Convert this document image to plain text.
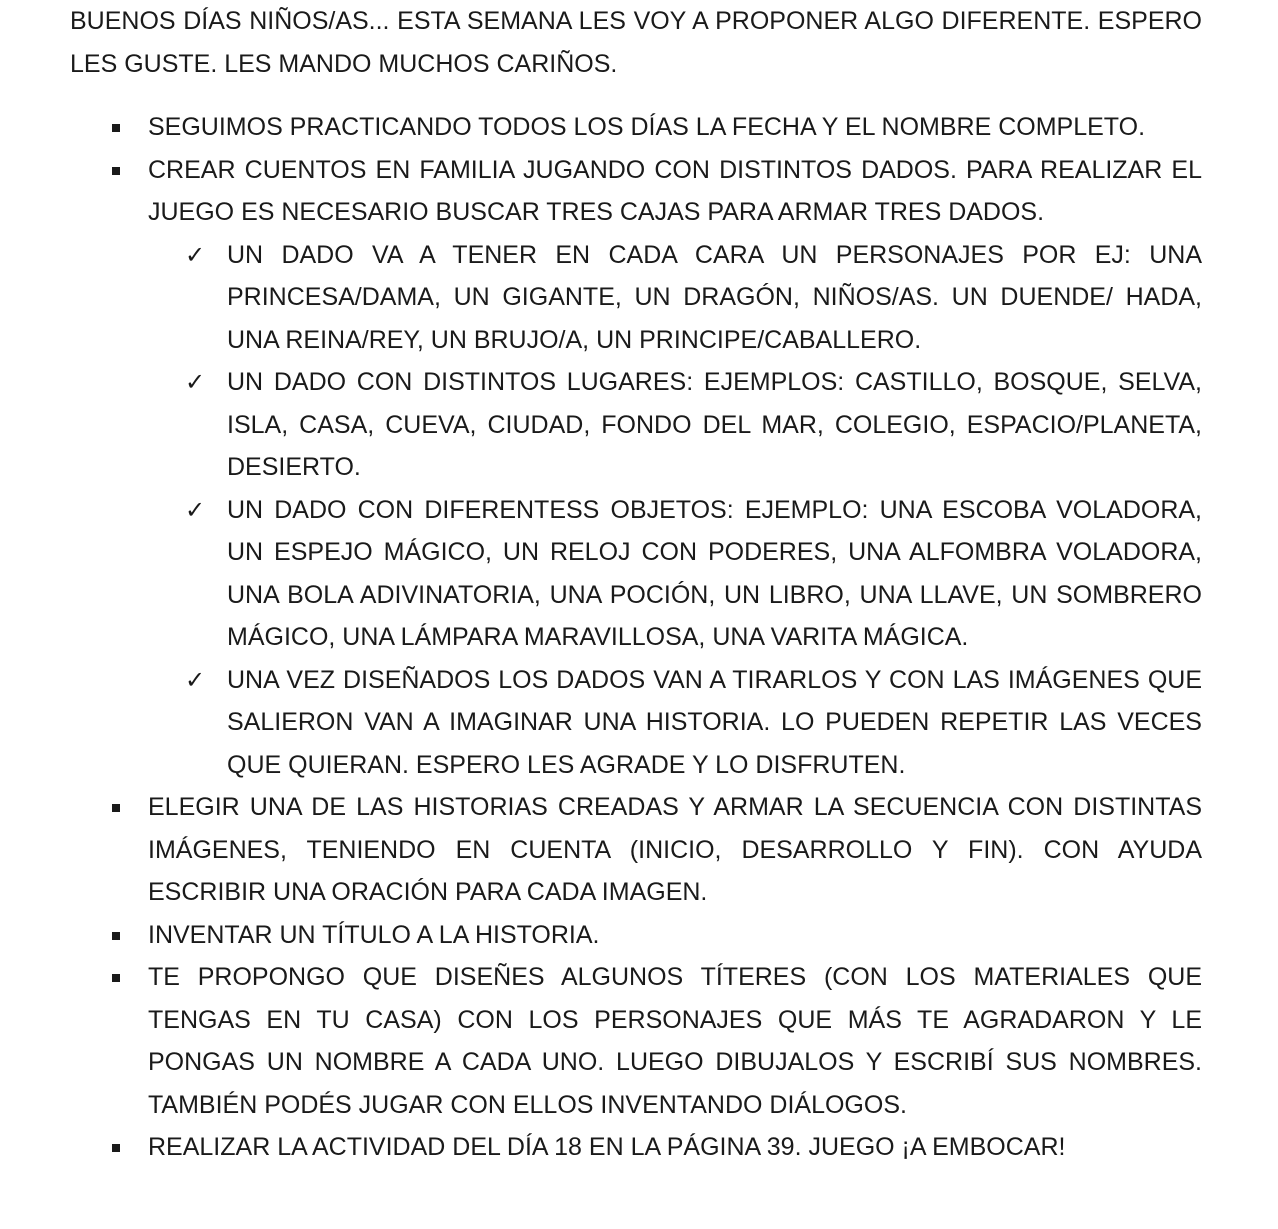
BUENOS DÍAS NIÑOS/AS... ESTA SEMANA LES VOY A PROPONER ALGO DIFERENTE. ESPERO LES GUSTE. LES MANDO MUCHOS CARIÑOS.

SEGUIMOS PRACTICANDO TODOS LOS DÍAS LA FECHA Y EL NOMBRE COMPLETO.
CREAR CUENTOS EN FAMILIA JUGANDO CON DISTINTOS DADOS. PARA REALIZAR EL JUEGO ES NECESARIO BUSCAR TRES CAJAS PARA ARMAR TRES DADOS.
✓ UN DADO VA A TENER EN CADA CARA UN PERSONAJES POR EJ: UNA PRINCESA/DAMA, UN GIGANTE, UN DRAGÓN, NIÑOS/AS. UN DUENDE/ HADA, UNA REINA/REY, UN BRUJO/A, UN PRINCIPE/CABALLERO.
✓ UN DADO CON DISTINTOS LUGARES: EJEMPLOS: CASTILLO, BOSQUE, SELVA, ISLA, CASA, CUEVA, CIUDAD, FONDO DEL MAR, COLEGIO, ESPACIO/PLANETA, DESIERTO.
✓ UN DADO CON DIFERENTESS OBJETOS: EJEMPLO: UNA ESCOBA VOLADORA, UN ESPEJO MÁGICO, UN RELOJ CON PODERES, UNA ALFOMBRA VOLADORA, UNA BOLA ADIVINATORIA, UNA POCIÓN, UN LIBRO, UNA LLAVE, UN SOMBRERO MÁGICO, UNA LÁMPARA MARAVILLOSA, UNA VARITA MÁGICA.
✓ UNA VEZ DISEÑADOS LOS DADOS VAN A TIRARLOS Y CON LAS IMÁGENES QUE SALIERON VAN A IMAGINAR UNA HISTORIA. LO PUEDEN REPETIR LAS VECES QUE QUIERAN. ESPERO LES AGRADE Y LO DISFRUTEN.
ELEGIR UNA DE LAS HISTORIAS CREADAS Y ARMAR LA SECUENCIA CON DISTINTAS IMÁGENES, TENIENDO EN CUENTA (INICIO, DESARROLLO Y FIN). CON AYUDA ESCRIBIR UNA ORACIÓN PARA CADA IMAGEN.
INVENTAR UN TÍTULO A LA HISTORIA.
TE PROPONGO QUE DISEÑES ALGUNOS TÍTERES (CON LOS MATERIALES QUE TENGAS EN TU CASA) CON LOS PERSONAJES QUE MÁS TE AGRADARON Y LE PONGAS UN NOMBRE A CADA UNO. LUEGO DIBUJALOS Y ESCRIBÍ SUS NOMBRES. TAMBIÉN PODÉS JUGAR CON ELLOS INVENTANDO DIÁLOGOS.
REALIZAR LA ACTIVIDAD DEL DÍA 18 EN LA PÁGINA 39. JUEGO ¡A EMBOCAR!
